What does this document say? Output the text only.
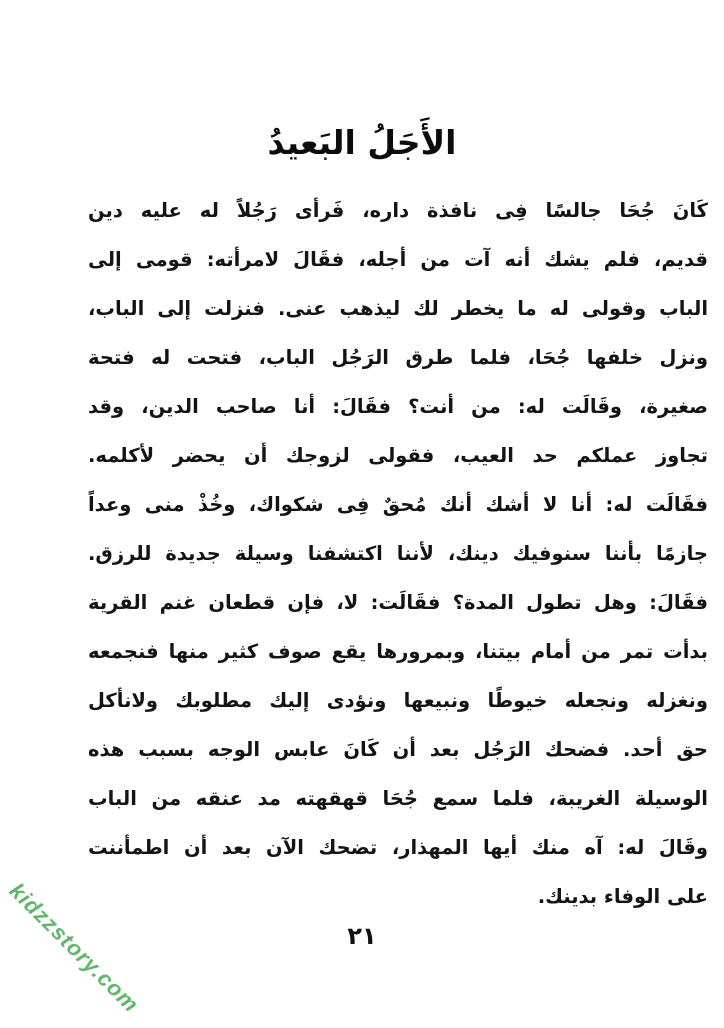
الأَجَلُ البَعيدُ
كَانَ جُحَا جالسًا فِى نافذة داره، فَرأى رَجُلاً له عليه دين
قديم، فلم يشك أنه آت من أجله، فقَالَ لامرأته: قومى إلى
الباب وقولى له ما يخطر لك ليذهب عنى. فنزلت إلى الباب،
ونزل خلفها جُحَا، فلما طرق الرَجُل الباب، فتحت له فتحة
صغيرة، وقَالَت له: من أنت؟ فقَالَ: أنا صاحب الدين، وقد
تجاوز عملكم حد العيب، فقولى لزوجك أن يحضر لأكلمه.
فقَالَت له: أنا لا أشك أنك مُحقٌ فِى شكواك، وخُذْ منى وعداً
جازمًا بأننا سنوفيك دينك، لأننا اكتشفنا وسيلة جديدة للرزق.
فقَالَ: وهل تطول المدة؟ فقَالَت: لا، فإن قطعان غنم القرية
بدأت تمر من أمام بيتنا، وبمرورها يقع صوف كثير منها فنجمعه
ونغزله ونجعله خيوطًا ونبيعها ونؤدى إليك مطلوبك ولانأكل
حق أحد. فضحك الرَجُل بعد أن كَانَ عابس الوجه بسبب هذه
الوسيلة الغريبة، فلما سمع جُحَا قهقهته مد عنقه من الباب
وقَالَ له: آه منك أيها المهذار، تضحك الآن بعد أن اطمأننت
على الوفاء بدينك.
٢١
kidzzstory.com
